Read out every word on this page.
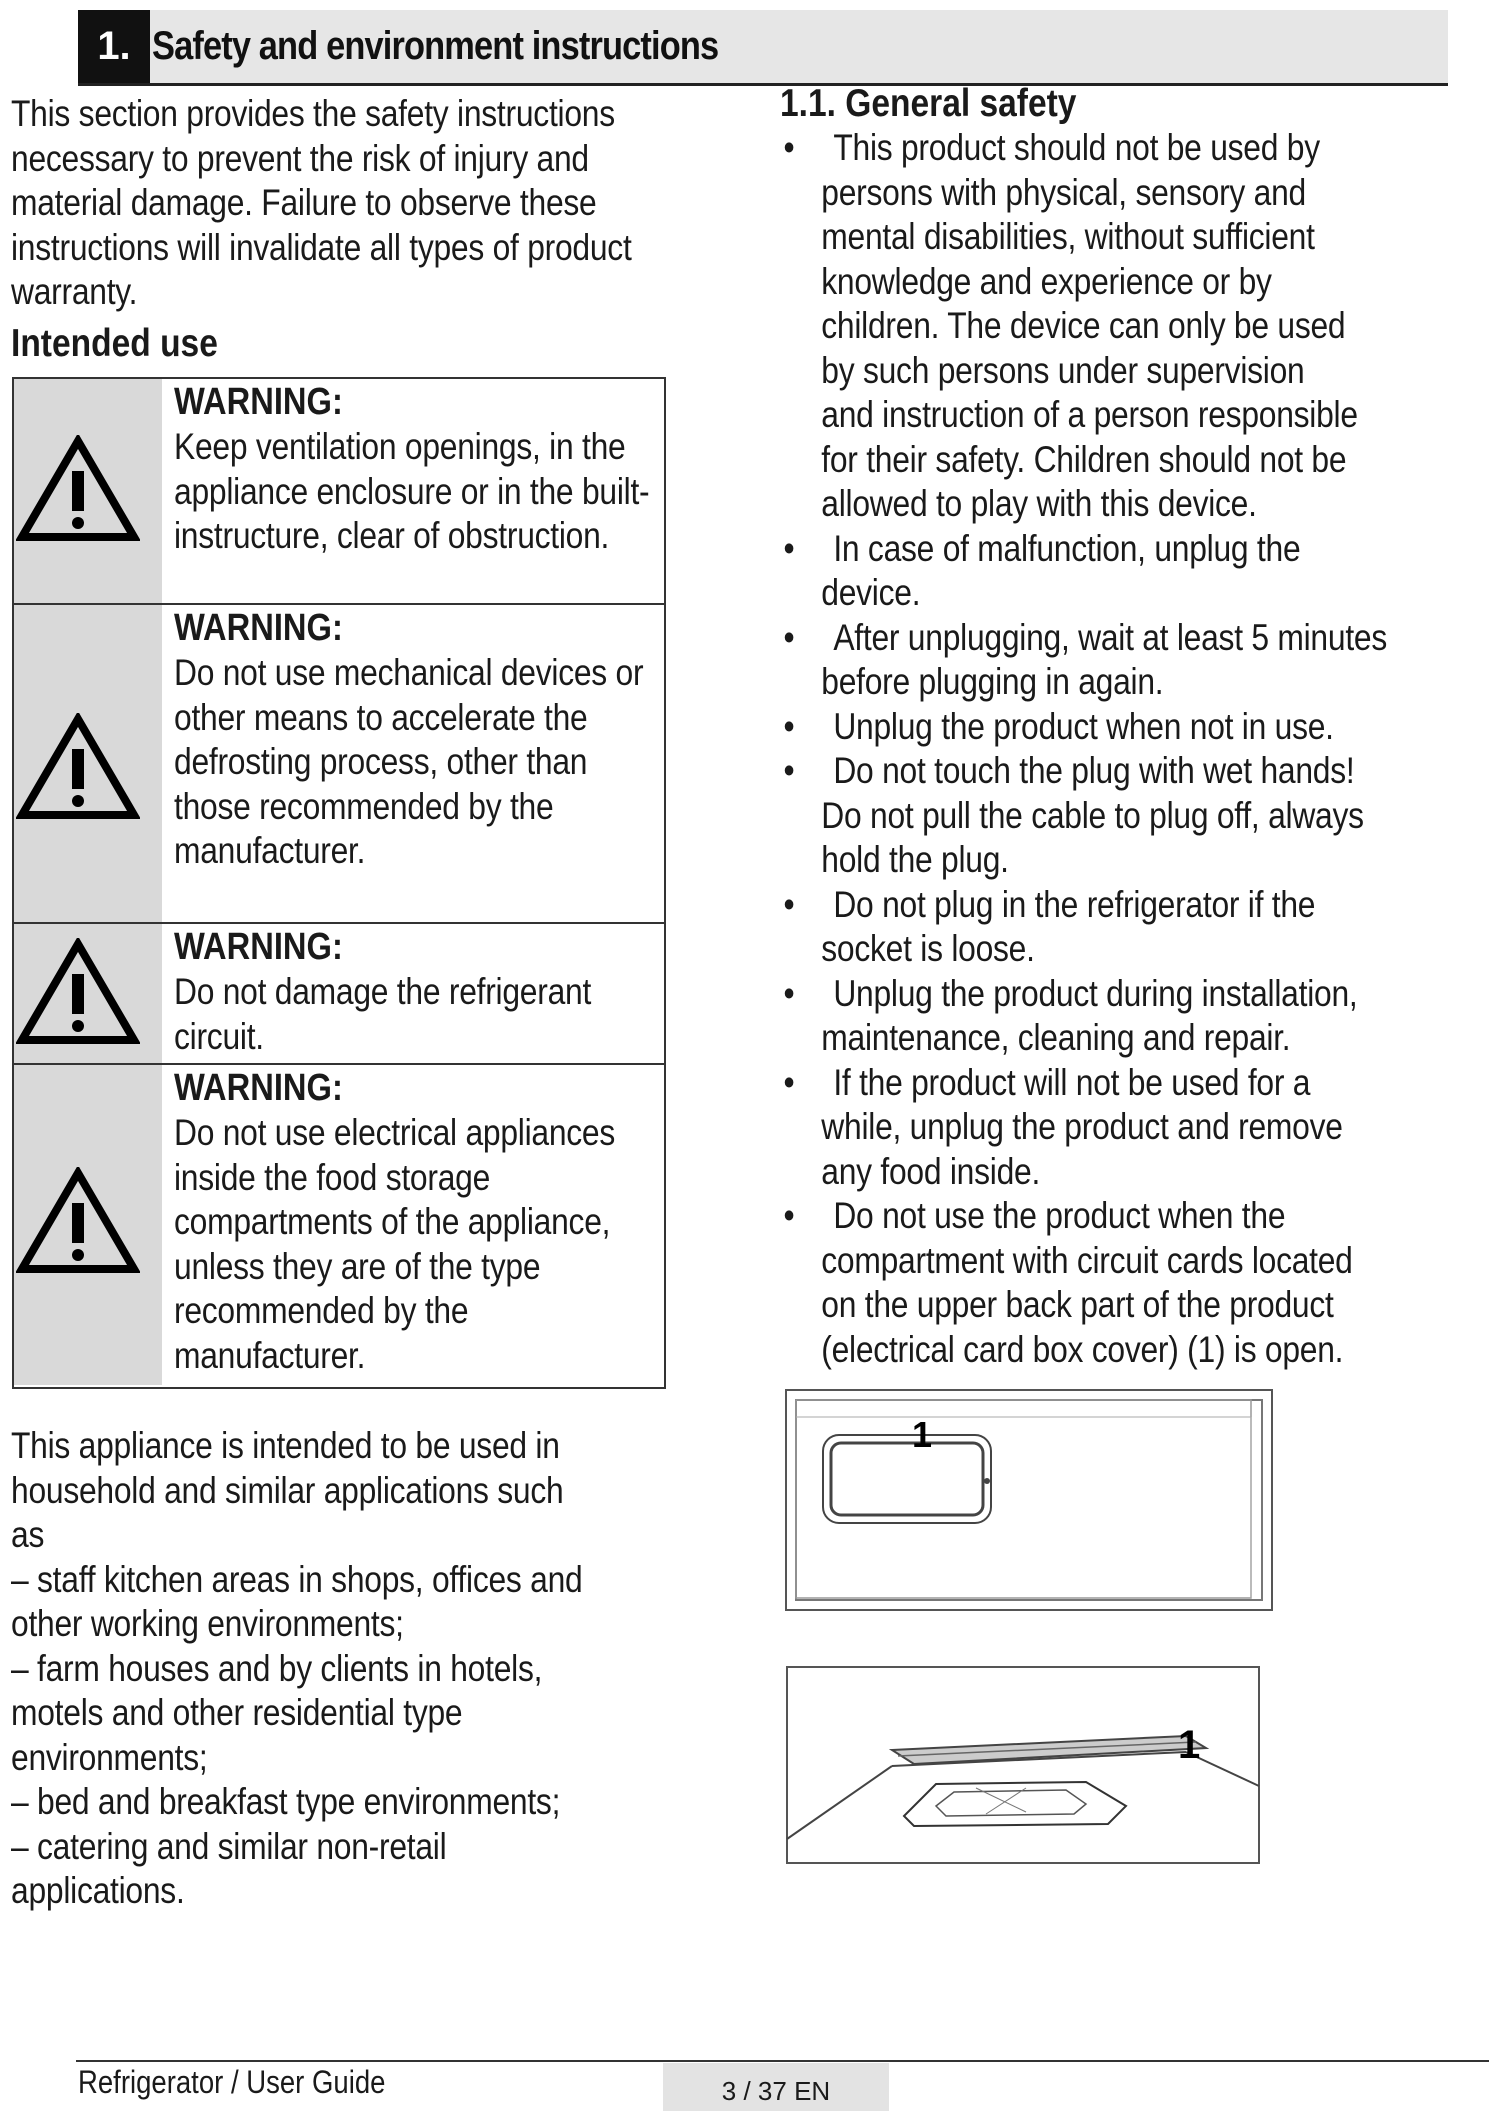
1. Safety and environment instructions
This section provides the safety instructions necessary to prevent the risk of injury and material damage. Failure to observe these instructions will invalidate all types of product warranty.
Intended use
WARNING:
Keep ventilation openings, in the appliance enclosure or in the built-instructure, clear of obstruction.
WARNING:
Do not use mechanical devices or other means to accelerate the defrosting process, other than those recommended by the manufacturer.
WARNING:
Do not damage the refrigerant circuit.
WARNING:
Do not use electrical appliances inside the food storage compartments of the appliance, unless they are of the type recommended by the manufacturer.
This appliance is intended to be used in
household and similar applications such
as
– staff kitchen areas in shops, offices and
other working environments;
– farm houses and by clients in hotels,
motels and other residential type
environments;
– bed and breakfast type environments;
– catering and similar non-retail
applications.
1.1. General safety
•	This product should not be used by
persons with physical, sensory and
mental disabilities, without sufficient
knowledge and experience or by
children. The device can only be used
by such persons under supervision
and instruction of a person responsible
for their safety. Children should not be
allowed to play with this device.
•	In case of malfunction, unplug the
device.
•	After unplugging, wait at least 5 minutes
before plugging in again.
•	Unplug the product when not in use.
•	Do not touch the plug with wet hands!
Do not pull the cable to plug off, always
hold the plug.
•	Do not plug in the refrigerator if the
socket is loose.
•	Unplug the product during installation,
maintenance, cleaning and repair.
•	If the product will not be used for a
while, unplug the product and remove
any food inside.
•	Do not use the product when the
compartment with circuit cards located
on the upper back part of the product
(electrical card box cover) (1) is open.
1
1
Refrigerator / User Guide	3 / 37 EN
